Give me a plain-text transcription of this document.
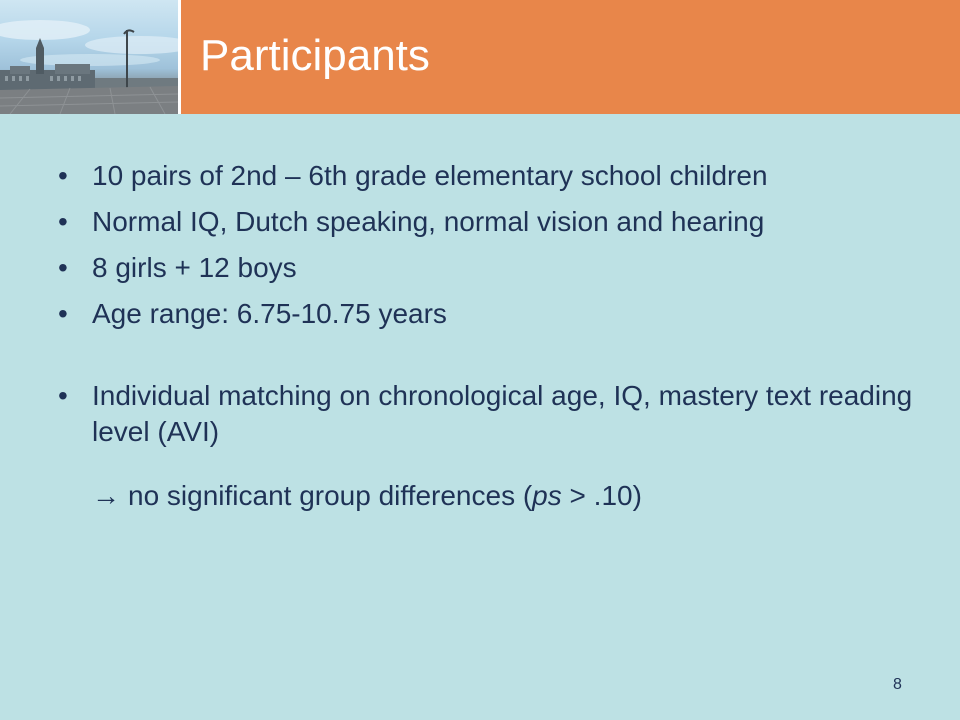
Participants
• 10 pairs of 2nd – 6th grade elementary school children
• Normal IQ, Dutch speaking, normal vision and hearing
• 8 girls + 12 boys
• Age range: 6.75-10.75 years
• Individual matching on chronological age, IQ, mastery text reading level (AVI)

→ no significant group differences (ps > .10)

8
